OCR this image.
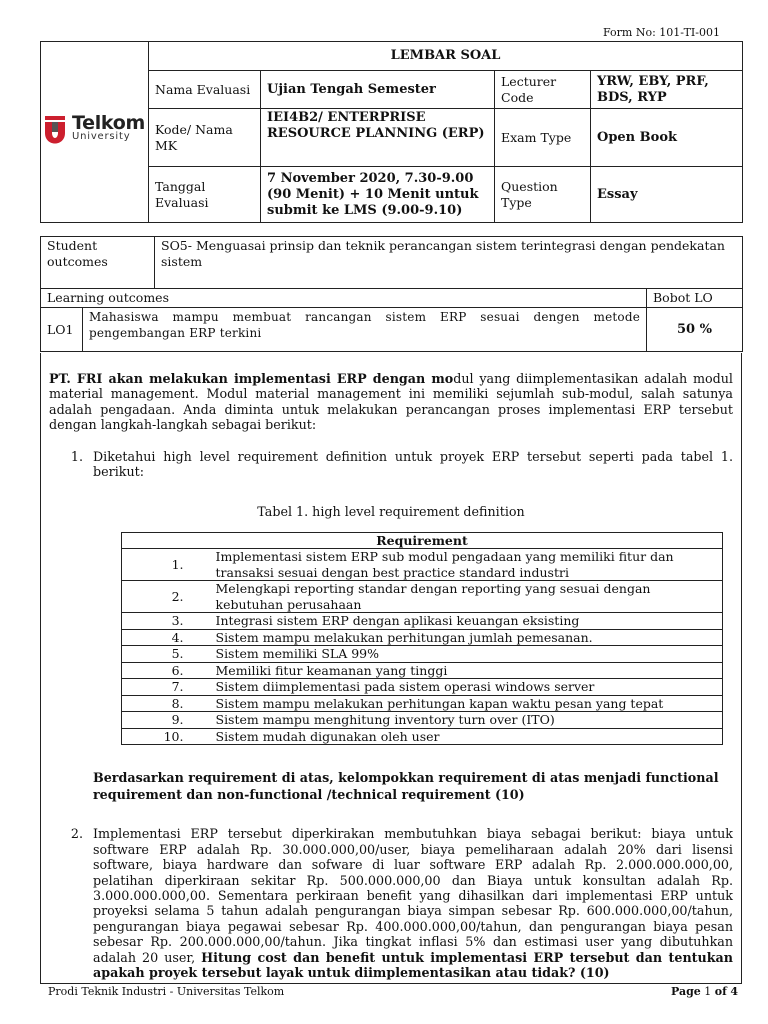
Form No: 101-TI-001
Telkom
University	LEMBAR SOAL			
	Nama Evaluasi	Ujian Tengah Semester	Lecturer Code	YRW, EBY, PRF, BDS, RYP
	Kode/ Nama MK	IEI4B2/ ENTERPRISE RESOURCE PLANNING (ERP)	Exam Type	Open Book
	Tanggal Evaluasi	7 November 2020, 7.30-9.00 (90 Menit) + 10 Menit untuk submit ke LMS (9.00-9.10)	Question Type	Essay
Student outcomes		SO5- Menguasai prinsip dan teknik perancangan sistem terintegrasi dengan pendekatan sistem	
Learning outcomes			Bobot LO
LO1	Mahasiswa mampu membuat rancangan sistem ERP sesuai dengen metode pengembangan ERP terkini		50 %

PT. FRI akan melakukan implementasi ERP dengan modul yang diimplementasikan adalah modul material management. Modul material management ini memiliki sejumlah sub-modul, salah satunya adalah pengadaan. Anda diminta untuk melakukan perancangan proses implementasi ERP tersebut dengan langkah-langkah sebagai berikut:

1. Diketahui high level requirement definition untuk proyek ERP tersebut seperti pada tabel 1. berikut:
Tabel 1. high level requirement definition
Requirement	
1.	Implementasi sistem ERP sub modul pengadaan yang memiliki fitur dan transaksi sesuai dengan best practice standard industri
2.	Melengkapi reporting standar dengan reporting yang sesuai dengan kebutuhan perusahaan
3.	Integrasi sistem ERP dengan aplikasi keuangan eksisting
4.	Sistem mampu melakukan perhitungan jumlah pemesanan.
5.	Sistem memiliki SLA 99%
6.	Memiliki fitur keamanan yang tinggi
7.	Sistem diimplementasi pada sistem operasi windows server
8.	Sistem mampu melakukan perhitungan kapan waktu pesan yang tepat
9.	Sistem mampu menghitung inventory turn over (ITO)
10.	Sistem mudah digunakan oleh user
Berdasarkan requirement di atas, kelompokkan requirement di atas menjadi functional requirement dan non-functional /technical requirement (10)
2. Implementasi ERP tersebut diperkirakan membutuhkan biaya sebagai berikut: biaya untuk software ERP adalah Rp. 30.000.000,00/user, biaya pemeliharaan adalah 20% dari lisensi software, biaya hardware dan sofware di luar software ERP adalah Rp. 2.000.000.000,00, pelatihan diperkiraan sekitar Rp. 500.000.000,00 dan Biaya untuk konsultan adalah Rp. 3.000.000.000,00. Sementara perkiraan benefit yang dihasilkan dari implementasi ERP untuk proyeksi selama 5 tahun adalah pengurangan biaya simpan sebesar Rp. 600.000.000,00/tahun, pengurangan biaya pegawai sebesar Rp. 400.000.000,00/tahun, dan pengurangan biaya pesan sebesar Rp. 200.000.000,00/tahun. Jika tingkat inflasi 5% dan estimasi user yang dibutuhkan adalah 20 user, Hitung cost dan benefit untuk implementasi ERP tersebut dan tentukan apakah proyek tersebut layak untuk diimplementasikan atau tidak? (10)
Prodi Teknik Industri - Universitas Telkom	Page 1 of 4
